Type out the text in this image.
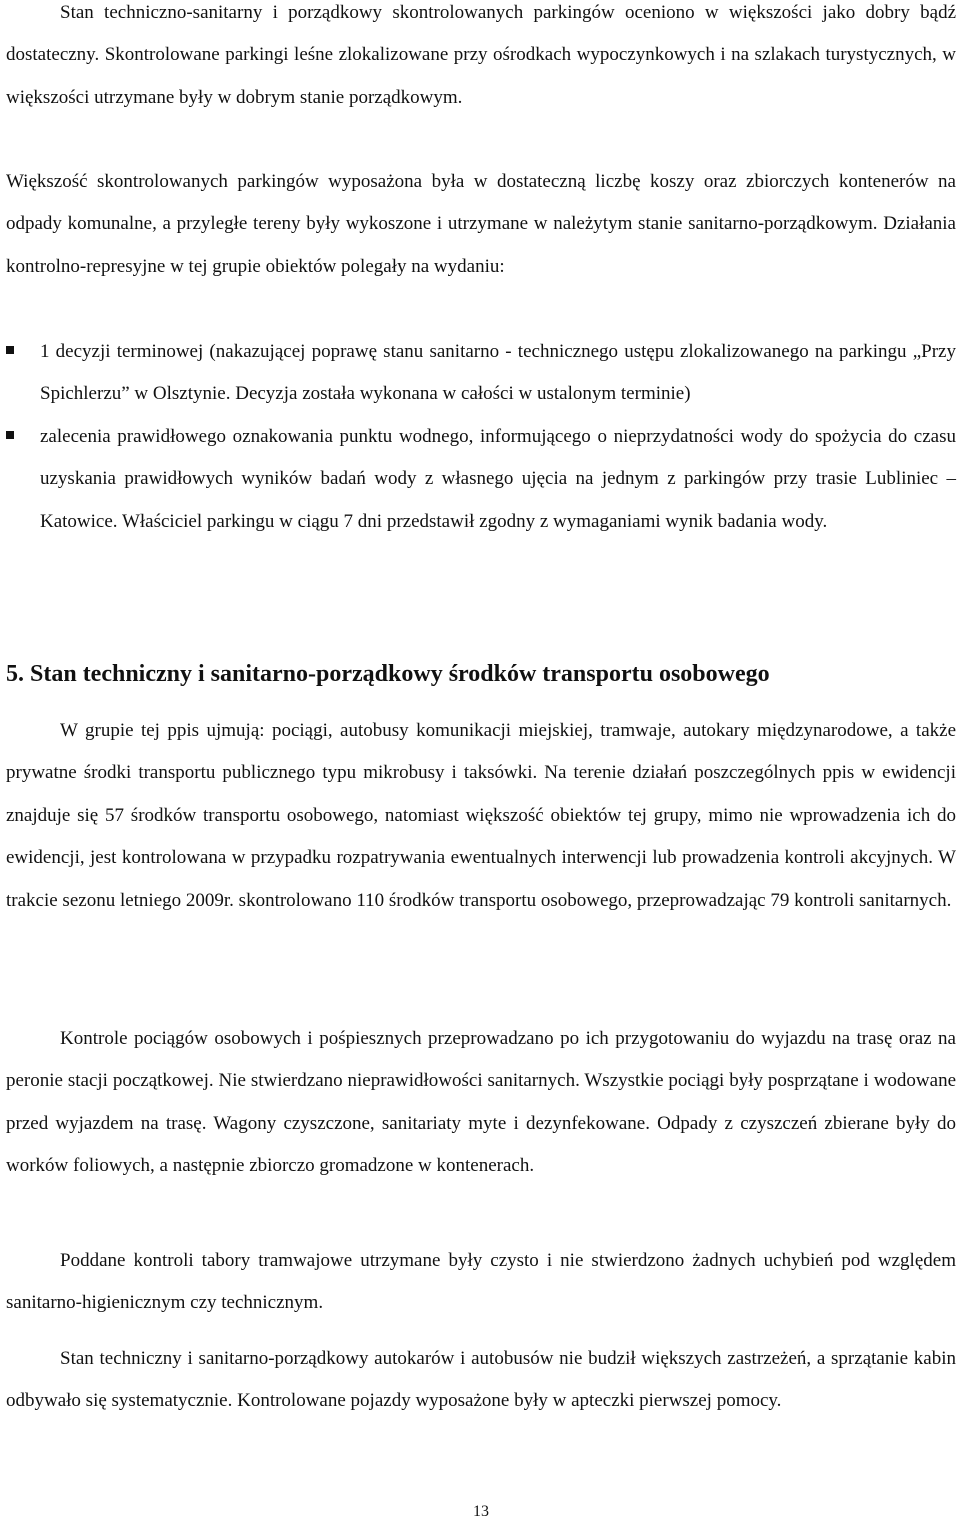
Stan techniczno-sanitarny i porządkowy skontrolowanych parkingów oceniono w większości jako dobry bądź dostateczny. Skontrolowane parkingi leśne zlokalizowane przy ośrodkach wypoczynkowych i na szlakach turystycznych, w większości utrzymane były w dobrym stanie porządkowym.

Większość skontrolowanych parkingów wyposażona była w dostateczną liczbę koszy oraz zbiorczych kontenerów na odpady komunalne, a przyległe tereny były wykoszone i utrzymane w należytym stanie sanitarno-porządkowym. Działania kontrolno-represyjne w tej grupie obiektów polegały na wydaniu:

1 decyzji terminowej (nakazującej poprawę stanu sanitarno - technicznego ustępu zlokalizowanego na parkingu „Przy Spichlerzu” w Olsztynie. Decyzja została wykonana w całości w ustalonym terminie)
zalecenia prawidłowego oznakowania punktu wodnego, informującego o nieprzydatności wody do spożycia do czasu uzyskania prawidłowych wyników badań wody z własnego ujęcia na jednym z parkingów przy trasie Lubliniec – Katowice. Właściciel parkingu w ciągu 7 dni przedstawił zgodny z wymaganiami wynik badania wody.
5. Stan techniczny i sanitarno-porządkowy środków transportu osobowego

W grupie tej ppis ujmują: pociągi, autobusy komunikacji miejskiej, tramwaje, autokary międzynarodowe, a także prywatne środki transportu publicznego typu mikrobusy i taksówki. Na terenie działań poszczególnych ppis w ewidencji znajduje się 57 środków transportu osobowego, natomiast większość obiektów tej grupy, mimo nie wprowadzenia ich do ewidencji, jest kontrolowana w przypadku rozpatrywania ewentualnych interwencji lub prowadzenia kontroli akcyjnych. W trakcie sezonu letniego 2009r. skontrolowano 110 środków transportu osobowego, przeprowadzając 79 kontroli sanitarnych.

Kontrole pociągów osobowych i pośpiesznych przeprowadzano po ich przygotowaniu do wyjazdu na trasę oraz na peronie stacji początkowej. Nie stwierdzano nieprawidłowości sanitarnych. Wszystkie pociągi były posprzątane i wodowane przed wyjazdem na trasę. Wagony czyszczone, sanitariaty myte i dezynfekowane. Odpady z czyszczeń zbierane były do worków foliowych, a następnie zbiorczo gromadzone w kontenerach.

Poddane kontroli tabory tramwajowe utrzymane były czysto i nie stwierdzono żadnych uchybień pod względem sanitarno-higienicznym czy technicznym.

Stan techniczny i sanitarno-porządkowy autokarów i autobusów nie budził większych zastrzeżeń, a sprzątanie kabin odbywało się systematycznie. Kontrolowane pojazdy wyposażone były w apteczki pierwszej pomocy.

13
